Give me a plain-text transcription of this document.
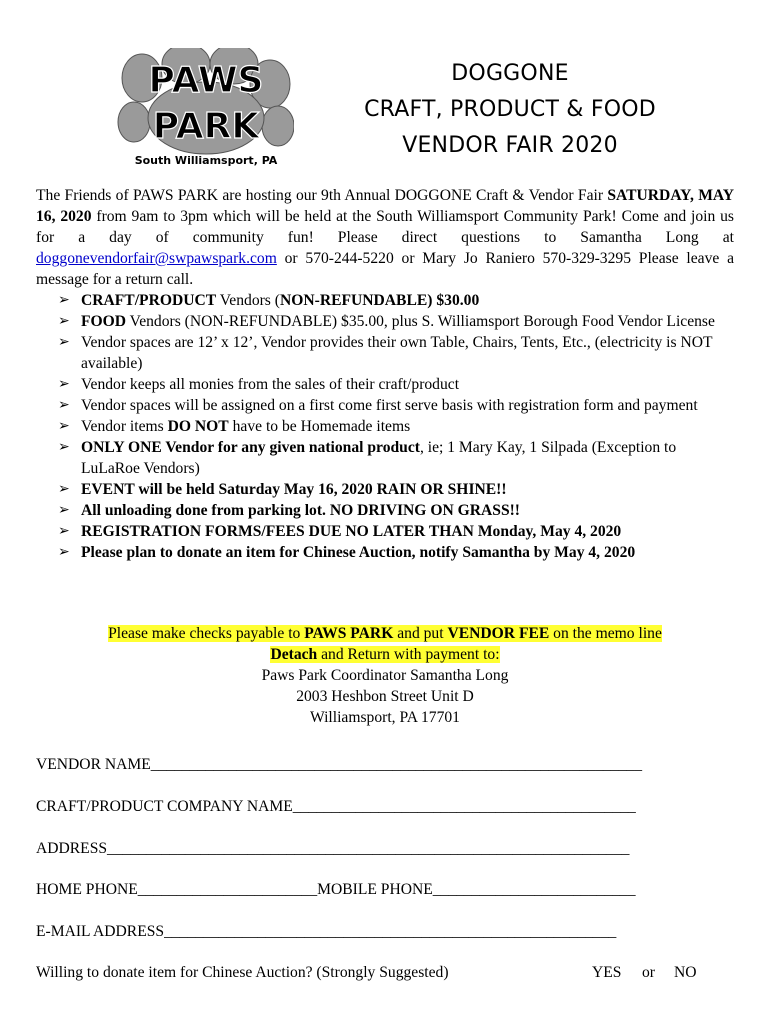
PAWS
PARK
South Williamsport, PA
DOGGONE
CRAFT, PRODUCT & FOOD
VENDOR FAIR 2020
The Friends of PAWS PARK are hosting our 9th Annual DOGGONE Craft & Vendor Fair SATURDAY, MAY 16, 2020 from 9am to 3pm which will be held at the South Williamsport Community Park! Come and join us for a day of community fun! Please direct questions to Samantha Long at doggonevendorfair@swpawspark.com or 570-244-5220 or Mary Jo Raniero 570-329-3295 Please leave a message for a return call.
➢ CRAFT/PRODUCT Vendors (NON-REFUNDABLE) $30.00
➢ FOOD Vendors (NON-REFUNDABLE) $35.00, plus S. Williamsport Borough Food Vendor License
➢ Vendor spaces are 12’ x 12’, Vendor provides their own Table, Chairs, Tents, Etc., (electricity is NOT available)
➢ Vendor keeps all monies from the sales of their craft/product
➢ Vendor spaces will be assigned on a first come first serve basis with registration form and payment
➢ Vendor items DO NOT have to be Homemade items
➢ ONLY ONE Vendor for any given national product, ie; 1 Mary Kay, 1 Silpada (Exception to LuLaRoe Vendors)
➢ EVENT will be held Saturday May 16, 2020 RAIN OR SHINE!!
➢ All unloading done from parking lot. NO DRIVING ON GRASS!!
➢ REGISTRATION FORMS/FEES DUE NO LATER THAN Monday, May 4, 2020
➢ Please plan to donate an item for Chinese Auction, notify Samantha by May 4, 2020
Please make checks payable to PAWS PARK and put VENDOR FEE on the memo line
Detach and Return with payment to:
Paws Park Coordinator Samantha Long
2003 Heshbon Street Unit D
Williamsport, PA 17701
VENDOR NAME_______________________________________________________________
CRAFT/PRODUCT COMPANY NAME____________________________________________
ADDRESS___________________________________________________________________
HOME PHONE_______________________MOBILE PHONE__________________________
E-MAIL ADDRESS__________________________________________________________
Willing to donate item for Chinese Auction? (Strongly Suggested)	YES or NO
